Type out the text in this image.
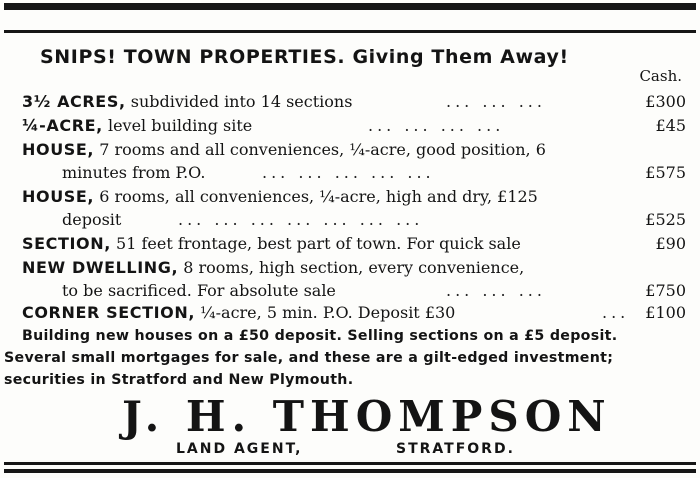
SNIPS! TOWN PROPERTIES. Giving Them Away!
Cash.
3½ ACRES, subdivided into 14 sections	... ... ...	£300
¼-ACRE, level building site	... ... ... ...	£45
HOUSE, 7 rooms and all conveniences, ¼-acre, good position, 6
minutes from P.O.	... ... ... ... ...	£575
HOUSE, 6 rooms, all conveniences, ¼-acre, high and dry, £125
deposit	... ... ... ... ... ... ...	£525
SECTION, 51 feet frontage, best part of town. For quick sale	£90
NEW DWELLING, 8 rooms, high section, every convenience,
to be sacrificed. For absolute sale	... ... ...	£750
CORNER SECTION, ¼-acre, 5 min. P.O. Deposit £30	... £100
Building new houses on a £50 deposit. Selling sections on a £5 deposit.
Several small mortgages for sale, and these are a gilt-edged investment;
securities in Stratford and New Plymouth.
J. H. THOMPSON
LAND AGENT,	STRATFORD.
